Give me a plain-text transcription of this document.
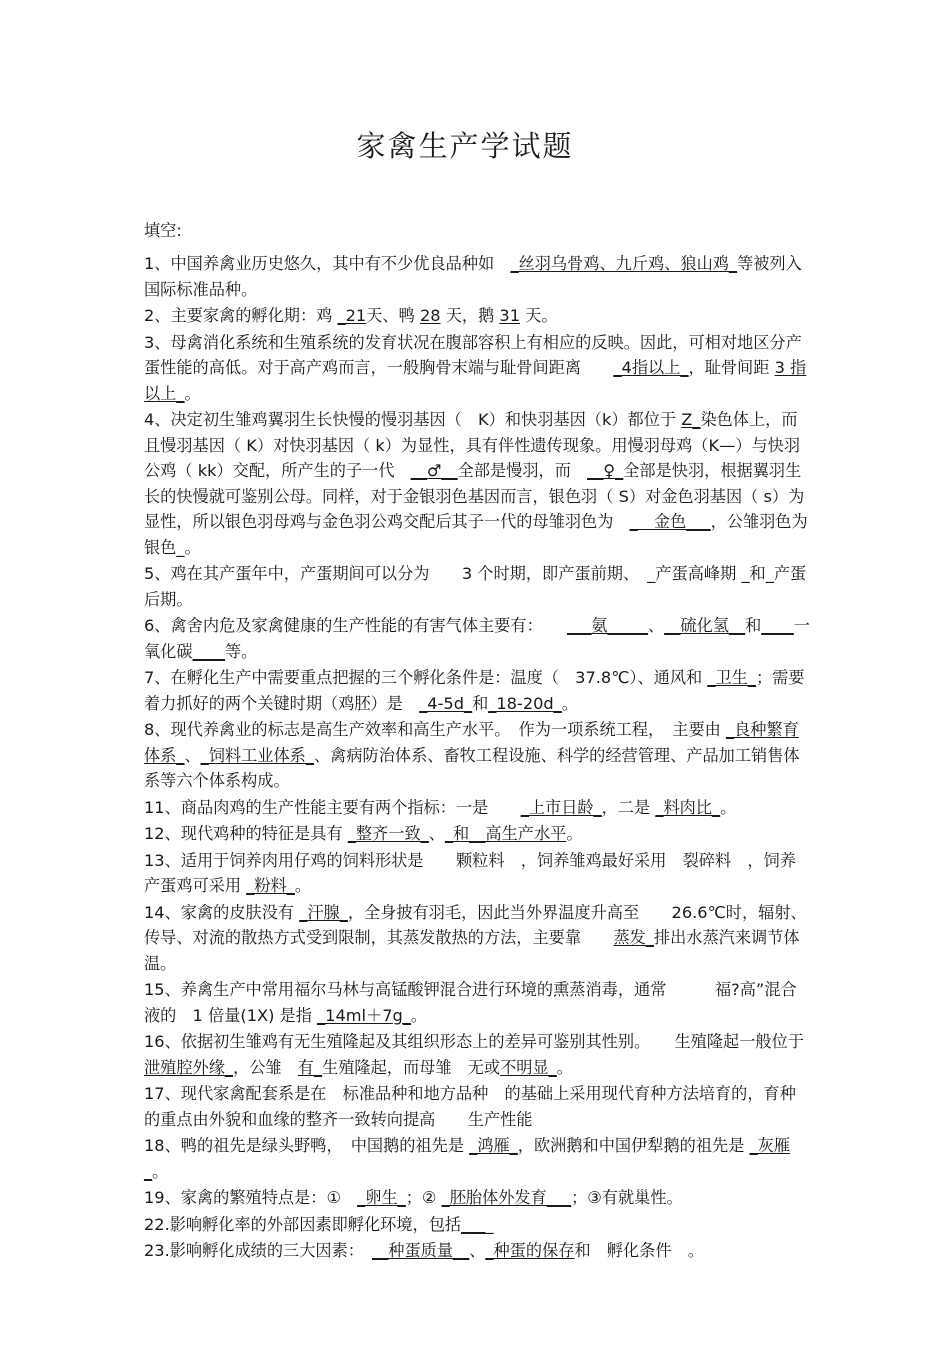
家禽生产学试题
填空:
1、中国养禽业历史悠久，其中有不少优良品种如　_丝羽乌骨鸡、九斤鸡、狼山鸡_等被列入国际标准品种。
2、主要家禽的孵化期：鸡 _21天、鸭 28 天，鹅 31 天。
3、母禽消化系统和生殖系统的发育状况在腹部容积上有相应的反映。因此，可相对地区分产蛋性能的高低。对于高产鸡而言，一般胸骨末端与耻骨间距离　　_4指以上_，耻骨间距 3 指以上_。
4、决定初生雏鸡翼羽生长快慢的慢羽基因（　K）和快羽基因（k）都位于 Z_染色体上，而且慢羽基因（ K）对快羽基因（ k）为显性，具有伴性遗传现象。用慢羽母鸡（K—）与快羽公鸡（ kk）交配，所产生的子一代　__♂__全部是慢羽，而　__♀_全部是快羽，根据翼羽生长的快慢就可鉴别公母。同样，对于金银羽色基因而言，银色羽（ S）对金色羽基因（ s）为显性，所以银色羽母鸡与金色羽公鸡交配后其子一代的母雏羽色为　_　金色___，公雏羽色为　银色_。
5、鸡在其产蛋年中，产蛋期间可以分为　　3 个时期，即产蛋前期、　_产蛋高峰期 _和_产蛋后期。
6、禽舍内危及家禽健康的生产性能的有害气体主要有：　　___氨_____、__硫化氢__和____一氧化碳____等。
7、在孵化生产中需要重点把握的三个孵化条件是：温度（　37.8℃）、通风和 _卫生_；需要着力抓好的两个关键时期（鸡胚）是　_4-5d_和_18-20d_。
8、现代养禽业的标志是高生产效率和高生产水平。　作为一项系统工程，　主要由 _良种繁育体系_、_饲料工业体系_、禽病防治体系、畜牧工程设施、科学的经营管理、产品加工销售体系等六个体系构成。
11、商品肉鸡的生产性能主要有两个指标：一是　　_上市日龄_，二是 _料肉比_。
12、现代鸡种的特征是具有 _整齐一致_、_和__高生产水平。
13、适用于饲养肉用仔鸡的饲料形状是　　颗粒料　，饲养雏鸡最好采用　裂碎料　，饲养产蛋鸡可采用 _粉料_。
14、家禽的皮肤没有 _汗腺_，全身披有羽毛，因此当外界温度升高至　　26.6℃时，辐射、传导、对流的散热方式受到限制，其蒸发散热的方法，主要靠　　蒸发_排出水蒸汽来调节体温。
15、养禽生产中常用福尔马林与高锰酸钾混合进行环境的熏蒸消毒，通常　　　福?高”混合液的　1 倍量(1X) 是指 _14ml＋7g_。
16、依据初生雏鸡有无生殖隆起及其组织形态上的差异可鉴别其性别。　　生殖隆起一般位于泄殖腔外缘_，公雏　有_生殖隆起，而母雏　无或不明显_。
17、现代家禽配套系是在　标准品种和地方品种　的基础上采用现代育种方法培育的，育种的重点由外貌和血缘的整齐一致转向提高　　生产性能
18、鸭的祖先是绿头野鸭，　中国鹅的祖先是 _鸿雁_，欧洲鹅和中国伊犁鹅的祖先是 _灰雁_。
19、家禽的繁殖特点是：①　_卵生_；② _胚胎体外发育___；③有就巢性。
22.影响孵化率的外部因素即孵化环境，包括____
23.影响孵化成绩的三大因素：　__种蛋质量__、_种蛋的保存和　孵化条件　。
